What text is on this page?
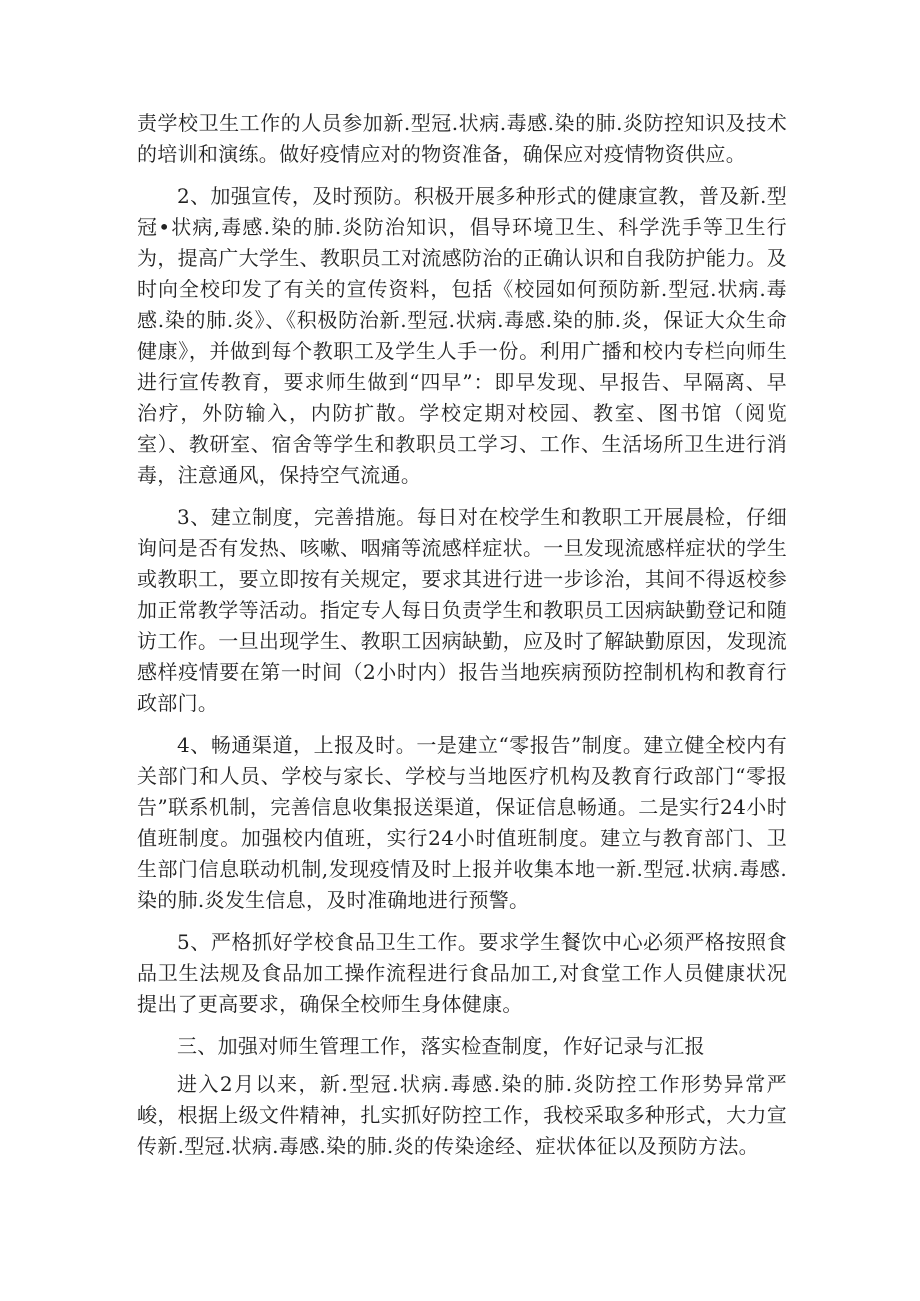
责学校卫生工作的人员参加新.型冠.状病.毒感.染的肺.炎防控知识及技术的培训和演练。做好疫情应对的物资准备，确保应对疫情物资供应。

2、加强宣传，及时预防。积极开展多种形式的健康宣教，普及新.型冠•状病,毒感.染的肺.炎防治知识，倡导环境卫生、科学洗手等卫生行为，提高广大学生、教职员工对流感防治的正确认识和自我防护能力。及时向全校印发了有关的宣传资料，包括《校园如何预防新.型冠.状病.毒感.染的肺.炎》、《积极防治新.型冠.状病.毒感.染的肺.炎，保证大众生命健康》，并做到每个教职工及学生人手一份。利用广播和校内专栏向师生进行宣传教育，要求师生做到“四早”：即早发现、早报告、早隔离、早治疗，外防输入，内防扩散。学校定期对校园、教室、图书馆（阅览室）、教研室、宿舍等学生和教职员工学习、工作、生活场所卫生进行消毒，注意通风，保持空气流通。

3、建立制度，完善措施。每日对在校学生和教职工开展晨检，仔细询问是否有发热、咳嗽、咽痛等流感样症状。一旦发现流感样症状的学生或教职工，要立即按有关规定，要求其进行进一步诊治，其间不得返校参加正常教学等活动。指定专人每日负责学生和教职员工因病缺勤登记和随访工作。一旦出现学生、教职工因病缺勤，应及时了解缺勤原因，发现流感样疫情要在第一时间（2小时内）报告当地疾病预防控制机构和教育行政部门。

4、畅通渠道，上报及时。一是建立“零报告”制度。建立健全校内有关部门和人员、学校与家长、学校与当地医疗机构及教育行政部门“零报告”联系机制，完善信息收集报送渠道，保证信息畅通。二是实行24小时值班制度。加强校内值班，实行24小时值班制度。建立与教育部门、卫生部门信息联动机制,发现疫情及时上报并收集本地一新.型冠.状病.毒感.染的肺.炎发生信息，及时准确地进行预警。

5、严格抓好学校食品卫生工作。要求学生餐饮中心必须严格按照食品卫生法规及食品加工操作流程进行食品加工,对食堂工作人员健康状况提出了更高要求，确保全校师生身体健康。

三、加强对师生管理工作，落实检查制度，作好记录与汇报

进入2月以来，新.型冠.状病.毒感.染的肺.炎防控工作形势异常严峻，根据上级文件精神，扎实抓好防控工作，我校采取多种形式，大力宣传新.型冠.状病.毒感.染的肺.炎的传染途经、症状体征以及预防方法。
